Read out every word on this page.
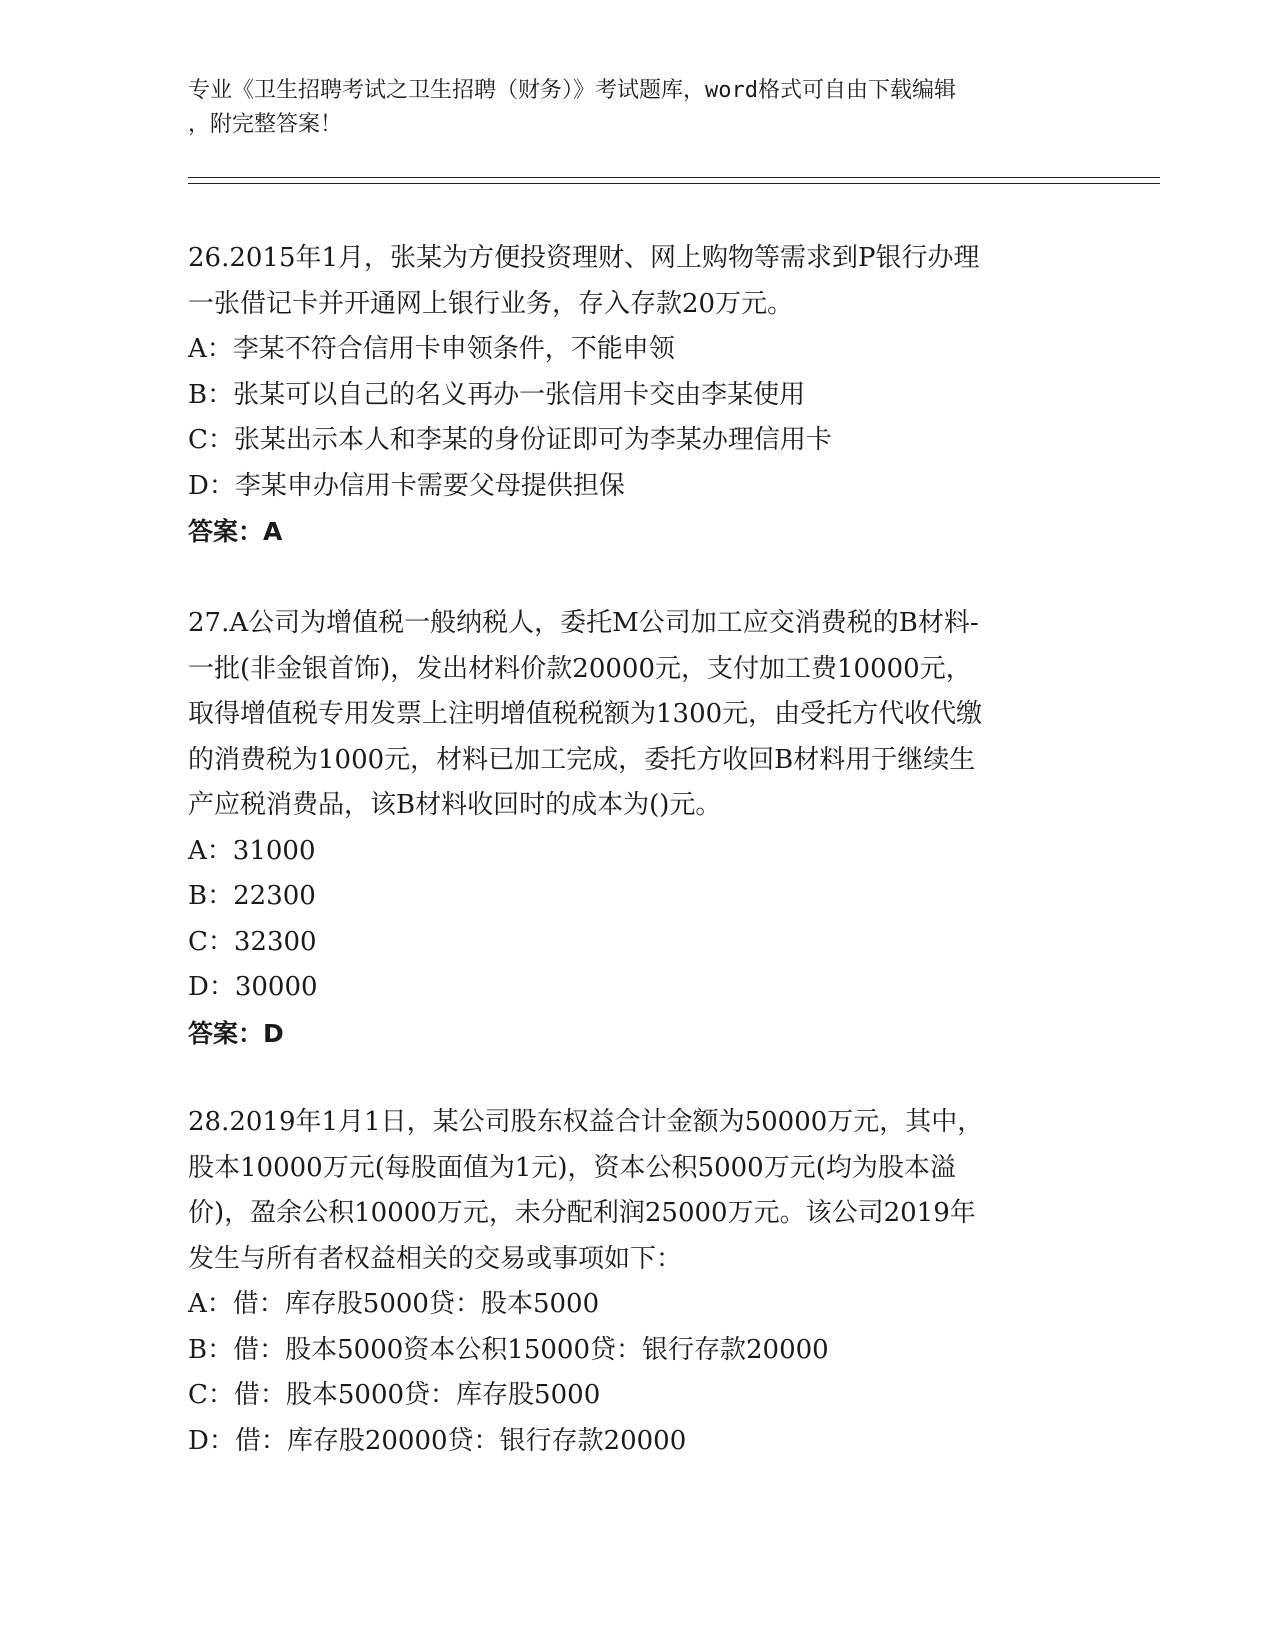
专业《卫生招聘考试之卫生招聘（财务）》考试题库，word格式可自由下载编辑
，附完整答案！
26.2015年1月，张某为方便投资理财、网上购物等需求到P银行办理
一张借记卡并开通网上银行业务，存入存款20万元。
A：李某不符合信用卡申领条件，不能申领
B：张某可以自己的名义再办一张信用卡交由李某使用
C：张某出示本人和李某的身份证即可为李某办理信用卡
D：李某申办信用卡需要父母提供担保
答案：A
27.A公司为增值税一般纳税人，委托M公司加工应交消费税的B材料-
一批(非金银首饰)，发出材料价款20000元，支付加工费10000元，
取得增值税专用发票上注明增值税税额为1300元，由受托方代收代缴
的消费税为1000元，材料已加工完成，委托方收回B材料用于继续生
产应税消费品，该B材料收回时的成本为()元。
A：31000
B：22300
C：32300
D：30000
答案：D
28.2019年1月1日，某公司股东权益合计金额为50000万元，其中，
股本10000万元(每股面值为1元)，资本公积5000万元(均为股本溢
价)，盈余公积10000万元，未分配利润25000万元。该公司2019年
发生与所有者权益相关的交易或事项如下：
A：借：库存股5000贷：股本5000
B：借：股本5000资本公积15000贷：银行存款20000
C：借：股本5000贷：库存股5000
D：借：库存股20000贷：银行存款20000
